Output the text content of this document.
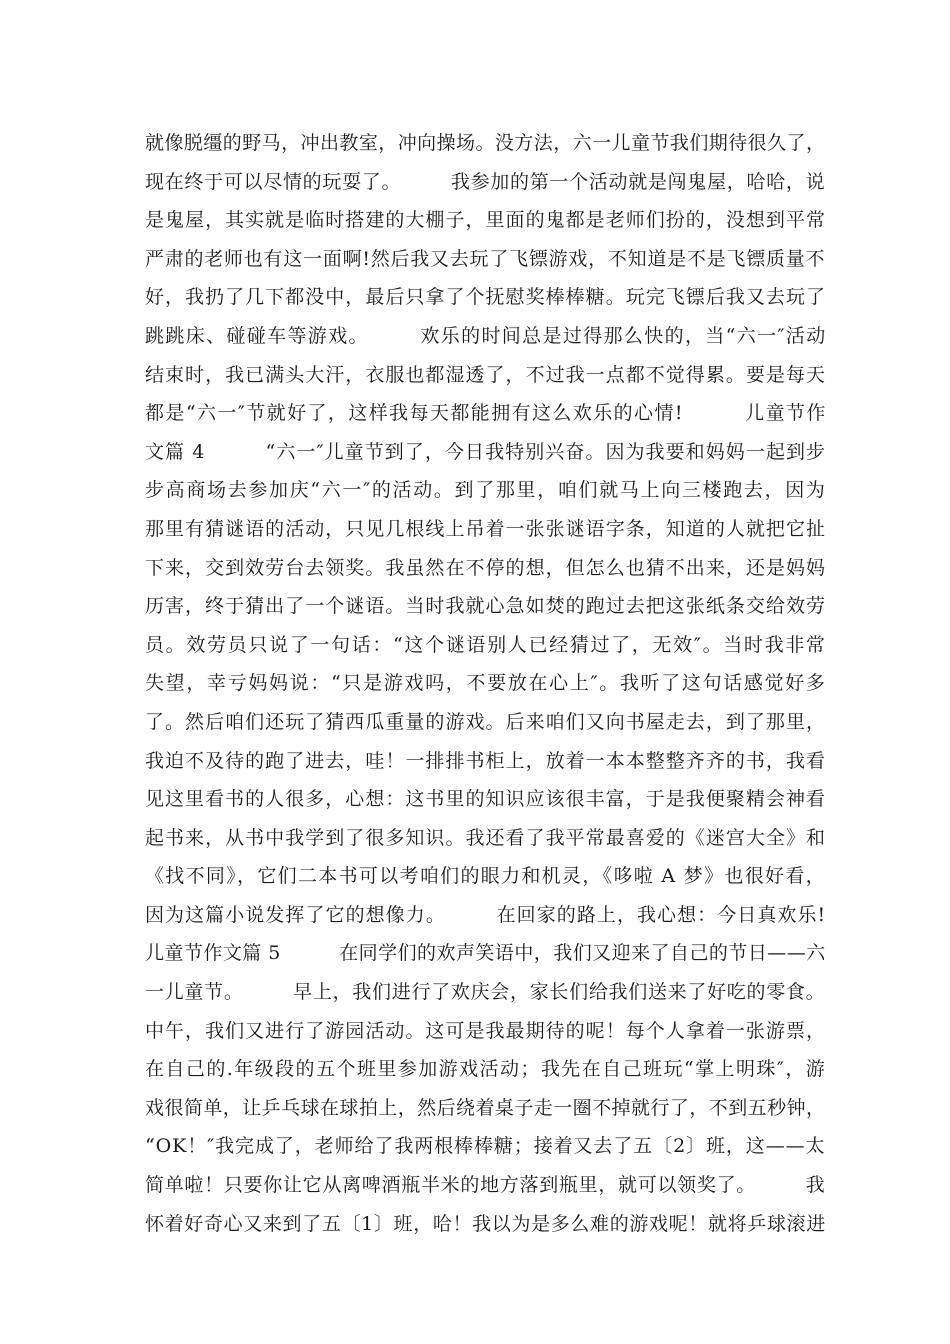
就像脱缰的野马，冲出教室，冲向操场。没方法，六一儿童节我们期待很久了，
现在终于可以尽情的玩耍了。　　　我参加的第一个活动就是闯鬼屋，哈哈，说
是鬼屋，其实就是临时搭建的大棚子，里面的鬼都是老师们扮的，没想到平常
严肃的老师也有这一面啊!然后我又去玩了飞镖游戏，不知道是不是飞镖质量不
好，我扔了几下都没中，最后只拿了个抚慰奖棒棒糖。玩完飞镖后我又去玩了
跳跳床、碰碰车等游戏。　　　欢乐的时间总是过得那么快的，当“六一″活动
结束时，我已满头大汗，衣服也都湿透了，不过我一点都不觉得累。要是每天
都是“六一″节就好了，这样我每天都能拥有这么欢乐的心情!　　　儿童节作
文篇 4　　　“六一″儿童节到了，今日我特别兴奋。因为我要和妈妈一起到步
步高商场去参加庆“六一″的活动。到了那里，咱们就马上向三楼跑去，因为
那里有猜谜语的活动，只见几根线上吊着一张张谜语字条，知道的人就把它扯
下来，交到效劳台去领奖。我虽然在不停的想，但怎么也猜不出来，还是妈妈
历害，终于猜出了一个谜语。当时我就心急如焚的跑过去把这张纸条交给效劳
员。效劳员只说了一句话：“这个谜语别人已经猜过了，无效″。当时我非常
失望，幸亏妈妈说：“只是游戏吗，不要放在心上″。我听了这句话感觉好多
了。然后咱们还玩了猜西瓜重量的游戏。后来咱们又向书屋走去，到了那里，
我迫不及待的跑了进去，哇！一排排书柜上，放着一本本整整齐齐的书，我看
见这里看书的人很多，心想：这书里的知识应该很丰富，于是我便聚精会神看
起书来，从书中我学到了很多知识。我还看了我平常最喜爱的《迷宫大全》和
《找不同》，它们二本书可以考咱们的眼力和机灵，《哆啦 A 梦》也很好看，
因为这篇小说发挥了它的想像力。　　　在回家的路上，我心想：今日真欢乐!
儿童节作文篇 5　　　在同学们的欢声笑语中，我们又迎来了自己的节日——六
一儿童节。　　　早上，我们进行了欢庆会，家长们给我们送来了好吃的零食。
中午，我们又进行了游园活动。这可是我最期待的呢！每个人拿着一张游票，
在自己的.年级段的五个班里参加游戏活动；我先在自己班玩“掌上明珠″，游
戏很简单，让乒乓球在球拍上，然后绕着桌子走一圈不掉就行了，不到五秒钟，
“OK！″我完成了，老师给了我两根棒棒糖；接着又去了五〔2〕班，这——太
简单啦！只要你让它从离啤酒瓶半米的地方落到瓶里，就可以领奖了。　　　我
怀着好奇心又来到了五〔1〕班，哈！我以为是多么难的游戏呢！就将乒球滚进
